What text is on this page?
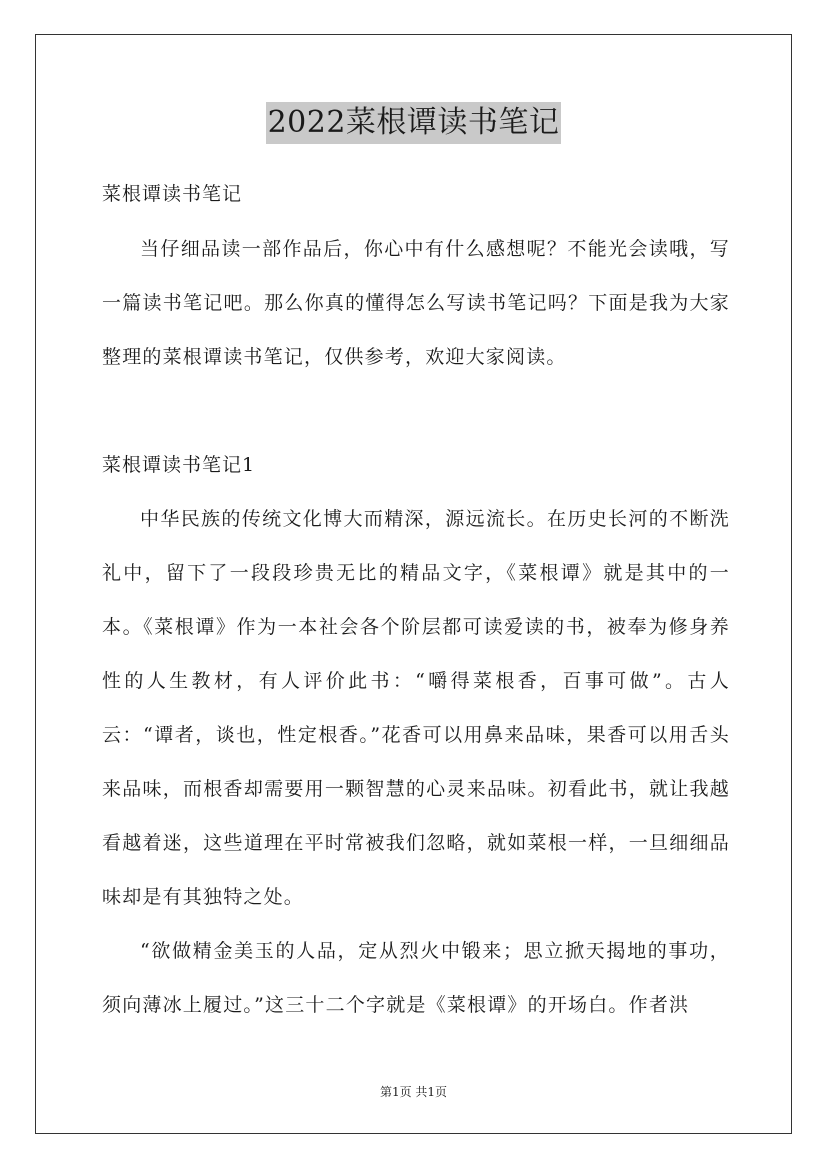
2022菜根谭读书笔记
菜根谭读书笔记

当仔细品读一部作品后，你心中有什么感想呢？不能光会读哦，写一篇读书笔记吧。那么你真的懂得怎么写读书笔记吗？下面是我为大家整理的菜根谭读书笔记，仅供参考，欢迎大家阅读。

菜根谭读书笔记1

中华民族的传统文化博大而精深，源远流长。在历史长河的不断洗礼中，留下了一段段珍贵无比的精品文字，《菜根谭》就是其中的一本。《菜根谭》作为一本社会各个阶层都可读爱读的书，被奉为修身养性的人生教材，有人评价此书：“嚼得菜根香，百事可做”。古人云：“谭者，谈也，性定根香。”花香可以用鼻来品味，果香可以用舌头来品味，而根香却需要用一颗智慧的心灵来品味。初看此书，就让我越看越着迷，这些道理在平时常被我们忽略，就如菜根一样，一旦细细品味却是有其独特之处。

“欲做精金美玉的人品，定从烈火中锻来；思立掀天揭地的事功，须向薄冰上履过。”这三十二个字就是《菜根谭》的开场白。作者洪

第1页 共1页
